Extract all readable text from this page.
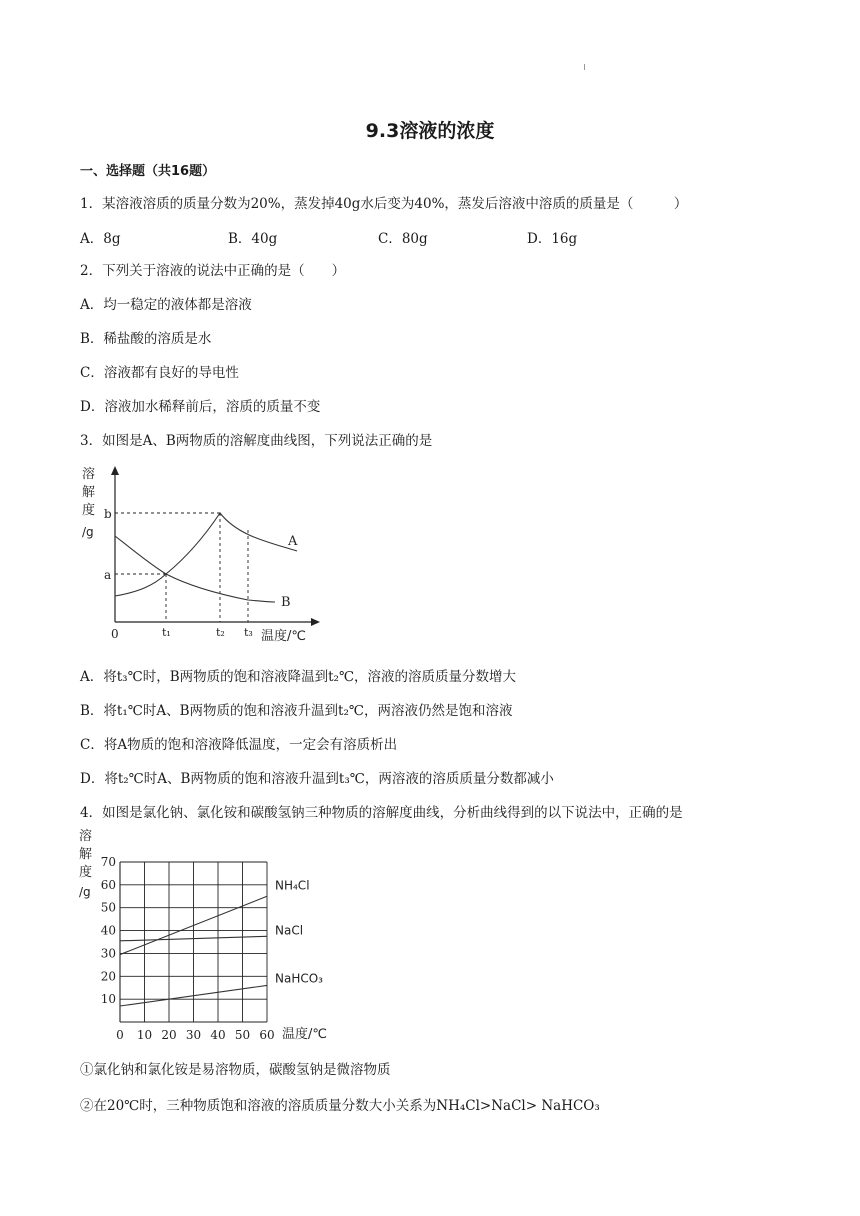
9.3溶液的浓度
一、选择题（共16题）
1．某溶液溶质的质量分数为20%，蒸发掉40g水后变为40%，蒸发后溶液中溶质的质量是（　　　）
A．8g	B．40g	C．80g	D．16g
2．下列关于溶液的说法中正确的是（　　）
A．均一稳定的液体都是溶液
B．稀盐酸的溶质是水
C．溶液都有良好的导电性
D．溶液加水稀释前后，溶质的质量不变
3．如图是A、B两物质的溶解度曲线图，下列说法正确的是
溶
解
度
/g
b
a
0	t₁	t₂ t₃ 温度/℃
A
B
A．将t₃℃时，B两物质的饱和溶液降温到t₂℃，溶液的溶质质量分数增大
B．将t₁℃时A、B两物质的饱和溶液升温到t₂℃，两溶液仍然是饱和溶液
C．将A物质的饱和溶液降低温度，一定会有溶质析出
D．将t₂℃时A、B两物质的饱和溶液升温到t₃℃，两溶液的溶质质量分数都减小
4．如图是氯化钠、氯化铵和碳酸氢钠三种物质的溶解度曲线，分析曲线得到的以下说法中，正确的是
溶
解
度
/g
10
20
30
40
50
60
70
0 10 20 30 40 50 60
NH₄Cl
NaCl
NaHCO₃
温度/℃
①氯化钠和氯化铵是易溶物质，碳酸氢钠是微溶物质
②在20℃时，三种物质饱和溶液的溶质质量分数大小关系为NH₄Cl>NaCl> NaHCO₃
